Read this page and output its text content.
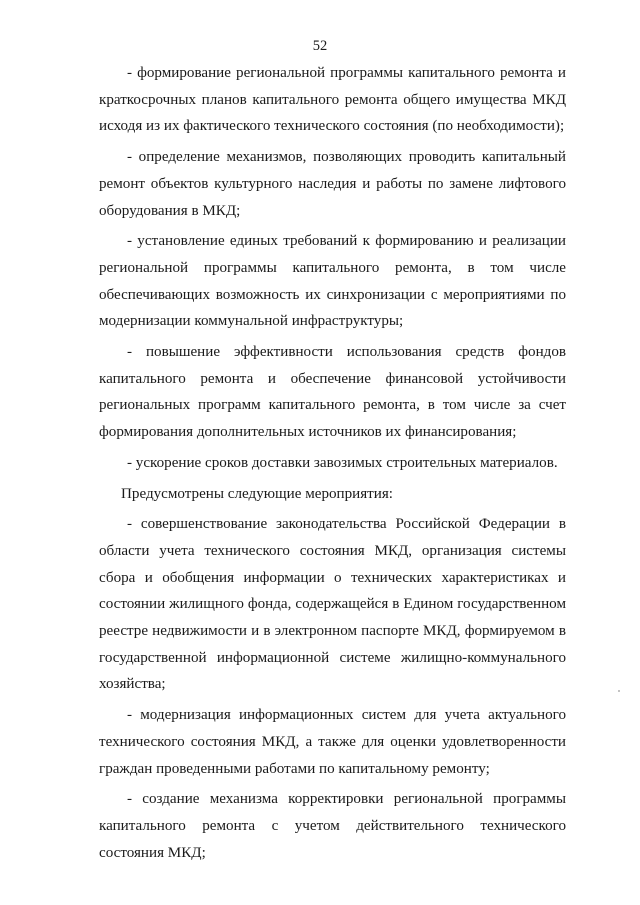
52

- формирование региональной программы капитального ремонта и краткосрочных планов капитального ремонта общего имущества МКД исходя из их фактического технического состояния (по необходимости);

- определение механизмов, позволяющих проводить капитальный ремонт объектов культурного наследия и работы по замене лифтового оборудования в МКД;

- установление единых требований к формированию и реализации региональной программы капитального ремонта, в том числе обеспечивающих возможность их синхронизации с мероприятиями по модернизации коммунальной инфраструктуры;

- повышение эффективности использования средств фондов капитального ремонта и обеспечение финансовой устойчивости региональных программ капитального ремонта, в том числе за счет формирования дополнительных источников их финансирования;

- ускорение сроков доставки завозимых строительных материалов.

Предусмотрены следующие мероприятия:

- совершенствование законодательства Российской Федерации в области учета технического состояния МКД, организация системы сбора и обобщения информации о технических характеристиках и состоянии жилищного фонда, содержащейся в Едином государственном реестре недвижимости и в электронном паспорте МКД, формируемом в государственной информационной системе жилищно-коммунального хозяйства;

- модернизация информационных систем для учета актуального технического состояния МКД, а также для оценки удовлетворенности граждан проведенными работами по капитальному ремонту;

- создание механизма корректировки региональной программы капитального ремонта с учетом действительного технического состояния МКД;
